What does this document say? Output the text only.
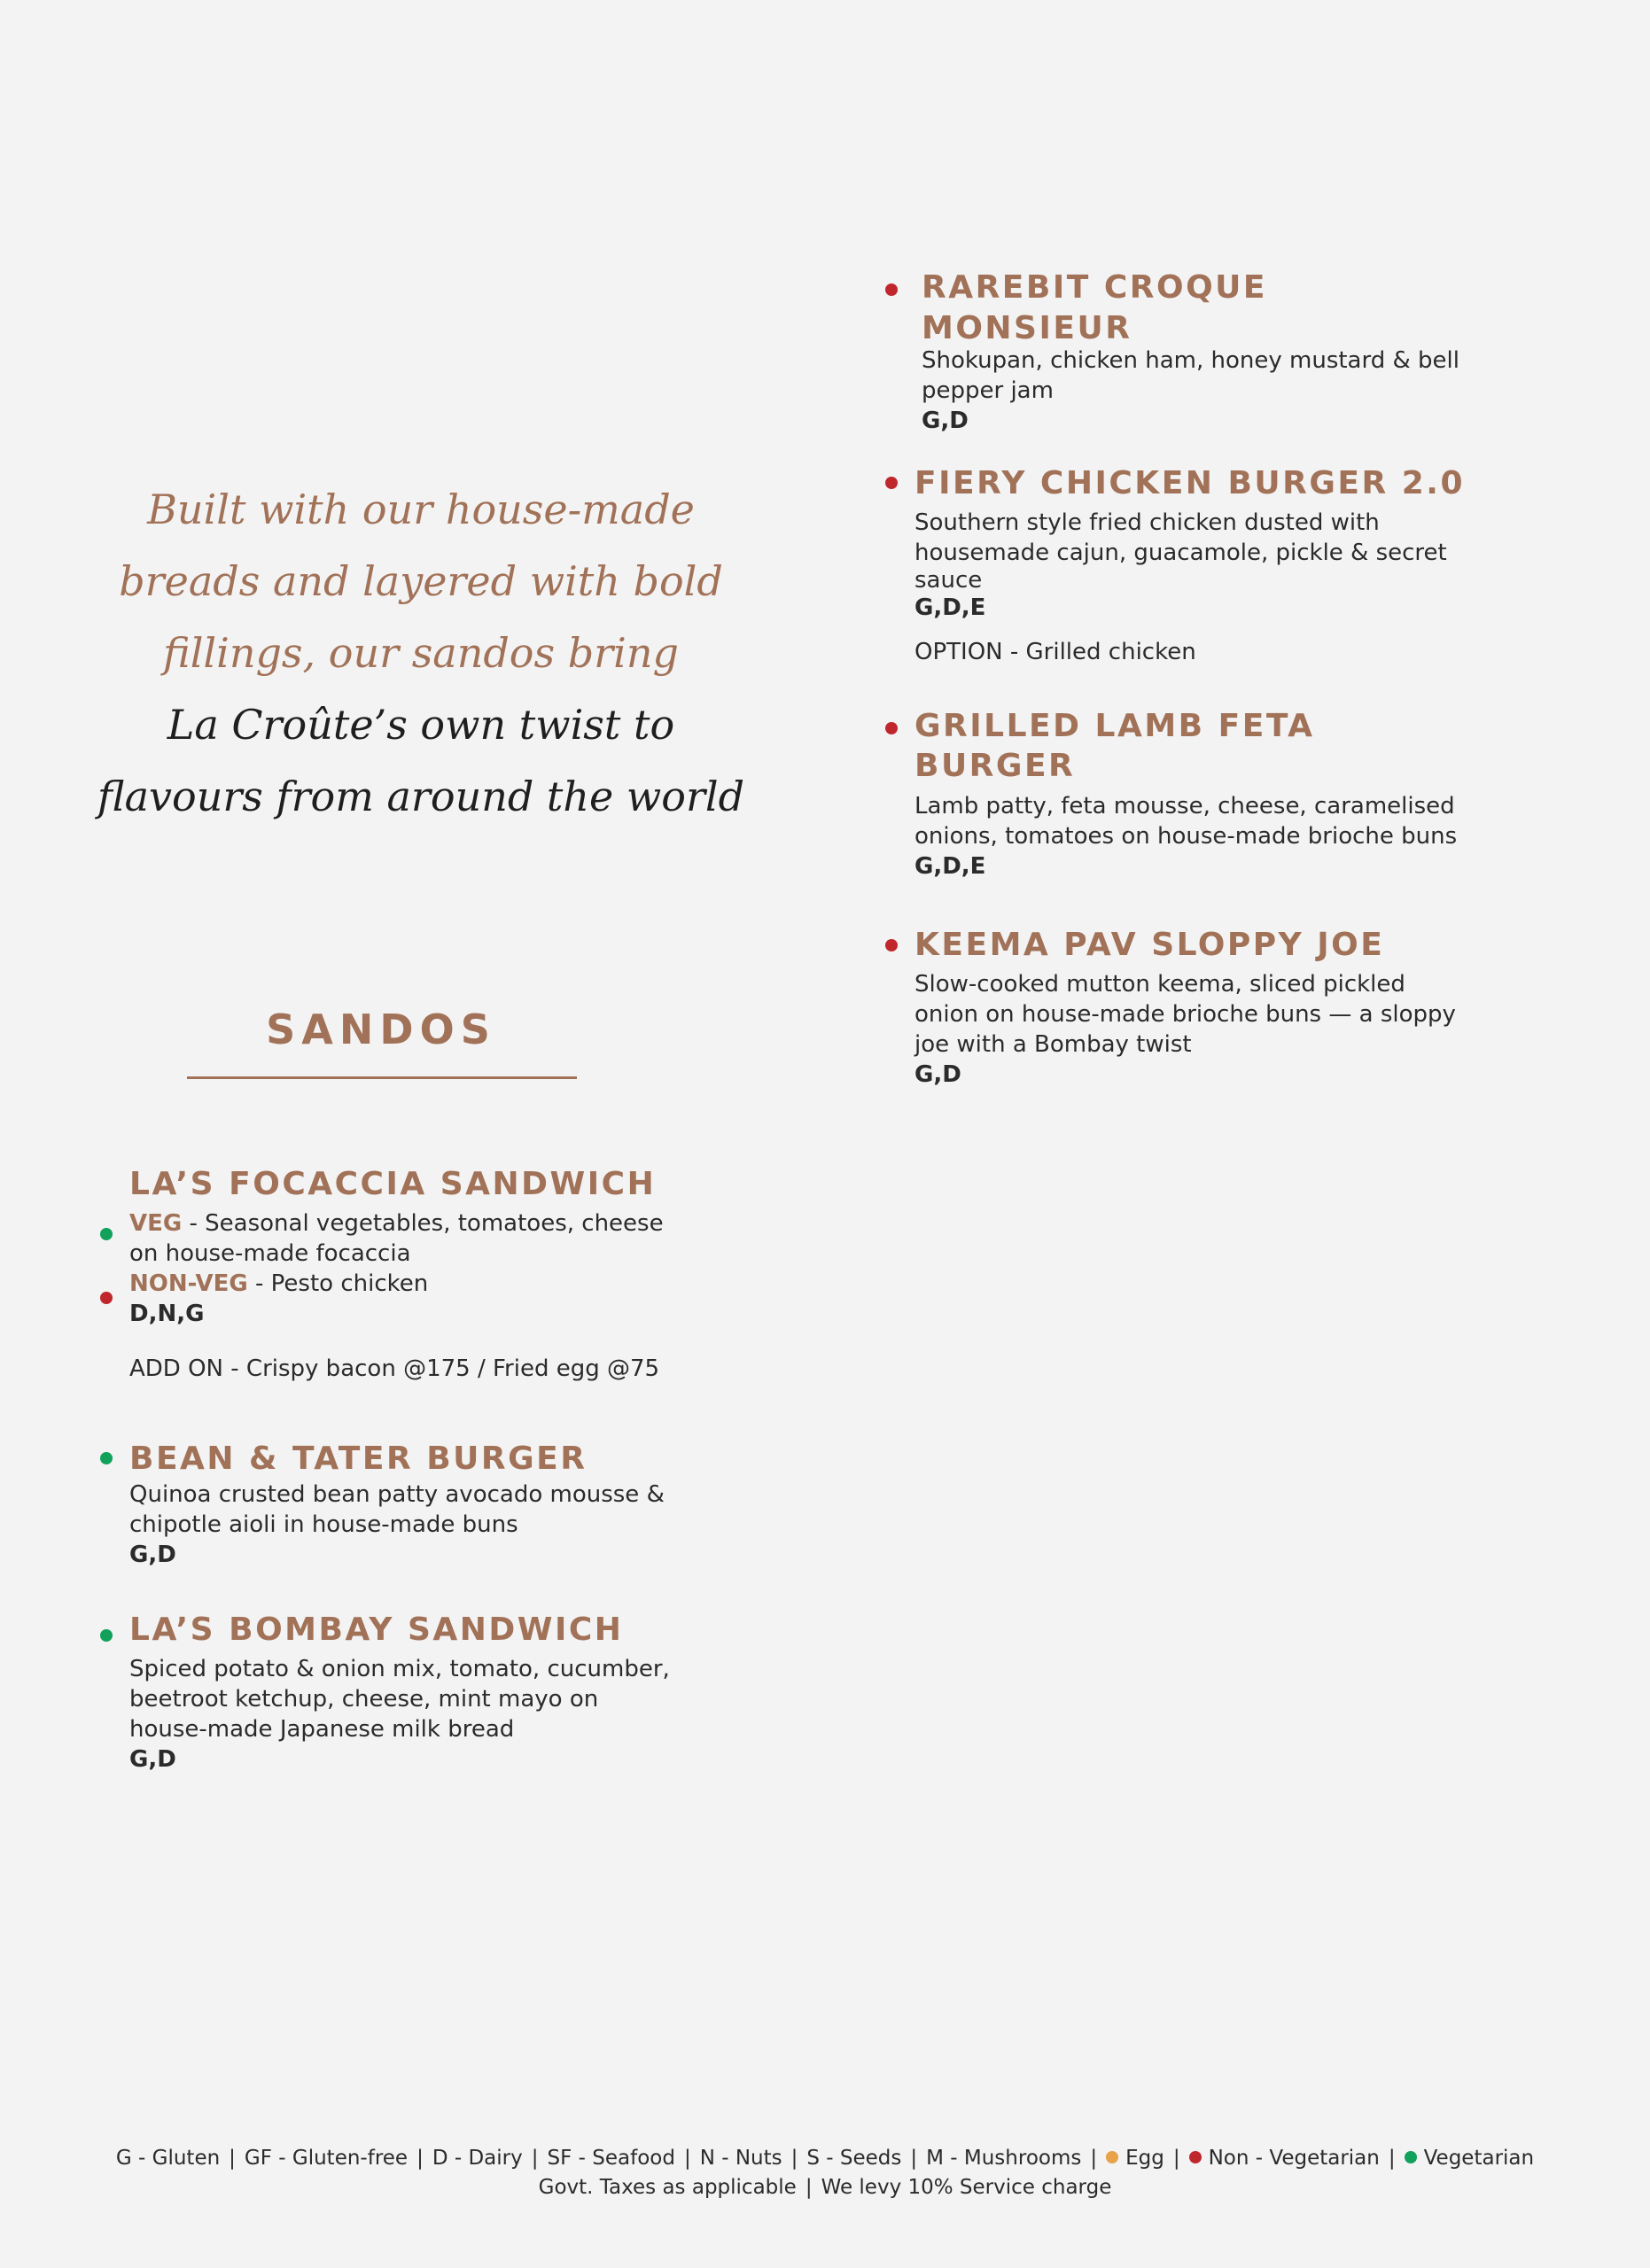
Built with our house-made
breads and layered with bold
fillings, our sandos bring
La Croûte’s own twist to
flavours from around the world
SANDOS

RAREBIT CROQUE

MONSIEUR

Shokupan, chicken ham, honey mustard & bell

pepper jam

G,D

FIERY CHICKEN BURGER 2.0

Southern style fried chicken dusted with

housemade cajun, guacamole, pickle & secret

sauce

G,D,E

OPTION - Grilled chicken

GRILLED LAMB FETA

BURGER

Lamb patty, feta mousse, cheese, caramelised

onions, tomatoes on house-made brioche buns

G,D,E

KEEMA PAV SLOPPY JOE

Slow-cooked mutton keema, sliced pickled

onion on house-made brioche buns — a sloppy

joe with a Bombay twist

G,D

LA’S FOCACCIA SANDWICH

VEG - Seasonal vegetables, tomatoes, cheese

on house-made focaccia

NON-VEG - Pesto chicken

D,N,G

ADD ON - Crispy bacon @175 / Fried egg @75

BEAN & TATER BURGER

Quinoa crusted bean patty avocado mousse &

chipotle aioli in house-made buns

G,D

LA’S BOMBAY SANDWICH

Spiced potato & onion mix, tomato, cucumber,

beetroot ketchup, cheese, mint mayo on

house-made Japanese milk bread

G,D

G - Gluten | GF - Gluten-free | D - Dairy | SF - Seafood | N - Nuts | S - Seeds | M - Mushrooms | Egg | Non - Vegetarian | Vegetarian
Govt. Taxes as applicable | We levy 10% Service charge
